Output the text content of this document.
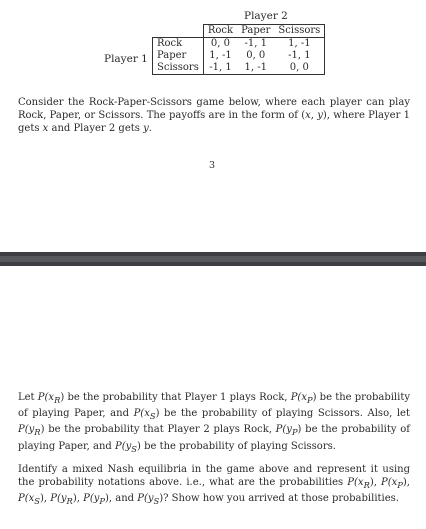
Player 2
Player 1
	Rock	Paper	Scissors
Rock	0, 0	-1, 1	1, -1
Paper	1, -1	0, 0	-1, 1
Scissors	-1, 1	1, -1	0, 0

Consider the Rock-Paper-Scissors game below, where each player can play Rock, Paper, or Scissors. The payoffs are in the form of (x, y), where Player 1 gets x and Player 2 gets y.

3

Let $P(x_R)$ be the probability that Player 1 plays Rock, $P(x_P)$ be the probability of playing Paper, and $P(x_S)$ be the probability of playing Scissors. Also, let $P(y_R)$ be the probability that Player 2 plays Rock, $P(y_P)$ be the probability of playing Paper, and $P(y_S)$ be the probability of playing Scissors.

Identify a mixed Nash equilibria in the game above and represent it using the probability notations above. i.e., what are the probabilities $P(x_R)$, $P(x_P)$, $P(x_S)$, $P(y_R)$, $P(y_P)$, and $P(y_S)$? Show how you arrived at those probabilities.
